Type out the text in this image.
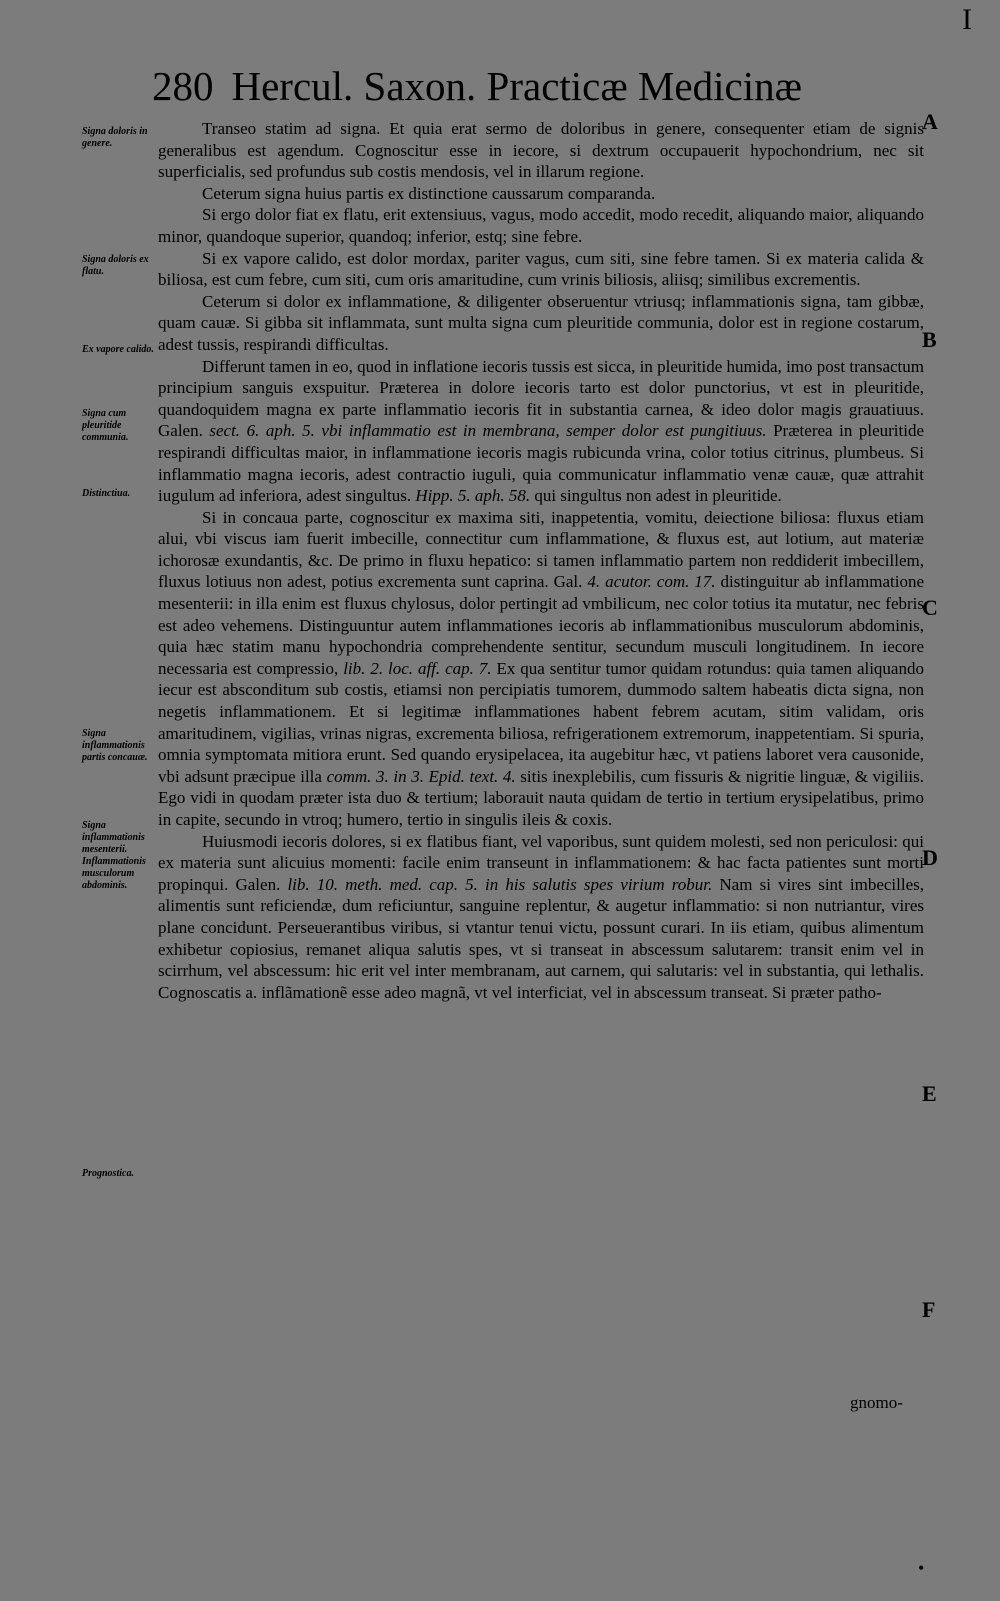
I
280 Hercul. Saxon. Practicæ Medicinæ
Signa doloris in genere.
Signa doloris ex flatu.
Ex vapore calido.
Signa cum pleuritide communia.
Distinctiua.
Signa inflammationis partis concauæ.
Signa inflammationis mesenterii. Inflammationis musculorum abdominis.
Prognostica.
A
B
C
D
E
F

Transeo statim ad signa. Et quia erat sermo de doloribus in genere, consequenter etiam de signis generalibus est agendum. Cognoscitur esse in iecore, si dextrum occupauerit hypochondrium, nec sit superficialis, sed profundus sub costis mendosis, vel in illarum regione.

Ceterum signa huius partis ex distinctione caussarum comparanda.

Si ergo dolor fiat ex flatu, erit extensiuus, vagus, modo accedit, modo recedit, aliquando maior, aliquando minor, quandoque superior, quandoq; inferior, estq; sine febre.

Si ex vapore calido, est dolor mordax, pariter vagus, cum siti, sine febre tamen. Si ex materia calida & biliosa, est cum febre, cum siti, cum oris amaritudine, cum vrinis biliosis, aliisq; similibus excrementis.

Ceterum si dolor ex inflammatione, & diligenter obseruentur vtriusq; inflammationis signa, tam gibbæ, quam cauæ. Si gibba sit inflammata, sunt multa signa cum pleuritide communia, dolor est in regione costarum, adest tussis, respirandi difficultas.

Differunt tamen in eo, quod in inflatione iecoris tussis est sicca, in pleuritide humida, imo post transactum principium sanguis exspuitur. Præterea in dolore iecoris tarto est dolor punctorius, vt est in pleuritide, quandoquidem magna ex parte inflammatio iecoris fit in substantia carnea, & ideo dolor magis grauatiuus. Galen. sect. 6. aph. 5. vbi inflammatio est in membrana, semper dolor est pungitiuus. Præterea in pleuritide respirandi difficultas maior, in inflammatione iecoris magis rubicunda vrina, color totius citrinus, plumbeus. Si inflammatio magna iecoris, adest contractio iuguli, quia communicatur inflammatio venæ cauæ, quæ attrahit iugulum ad inferiora, adest singultus. Hipp. 5. aph. 58. qui singultus non adest in pleuritide.

Si in concaua parte, cognoscitur ex maxima siti, inappetentia, vomitu, deiectione biliosa: fluxus etiam alui, vbi viscus iam fuerit imbecille, connectitur cum inflammatione, & fluxus est, aut lotium, aut materiæ ichorosæ exundantis, &c. De primo in fluxu hepatico: si tamen inflammatio partem non reddiderit imbecillem, fluxus lotiuus non adest, potius excrementa sunt caprina. Gal. 4. acutor. com. 17. distinguitur ab inflammatione mesenterii: in illa enim est fluxus chylosus, dolor pertingit ad vmbilicum, nec color totius ita mutatur, nec febris est adeo vehemens. Distinguuntur autem inflammationes iecoris ab inflammationibus musculorum abdominis, quia hæc statim manu hypochondria comprehendente sentitur, secundum musculi longitudinem. In iecore necessaria est compressio, lib. 2. loc. aff. cap. 7. Ex qua sentitur tumor quidam rotundus: quia tamen aliquando iecur est absconditum sub costis, etiamsi non percipiatis tumorem, dummodo saltem habeatis dicta signa, non negetis inflammationem. Et si legitimæ inflammationes habent febrem acutam, sitim validam, oris amaritudinem, vigilias, vrinas nigras, excrementa biliosa, refrigerationem extremorum, inappetentiam. Si spuria, omnia symptomata mitiora erunt. Sed quando erysipelacea, ita augebitur hæc, vt patiens laboret vera causonide, vbi adsunt præcipue illa comm. 3. in 3. Epid. text. 4. sitis inexplebilis, cum fissuris & nigritie linguæ, & vigiliis. Ego vidi in quodam præter ista duo & tertium; laborauit nauta quidam de tertio in tertium erysipelatibus, primo in capite, secundo in vtroq; humero, tertio in singulis ileis & coxis.

Huiusmodi iecoris dolores, si ex flatibus fiant, vel vaporibus, sunt quidem molesti, sed non periculosi: qui ex materia sunt alicuius momenti: facile enim transeunt in inflammationem: & hac facta patientes sunt morti propinqui. Galen. lib. 10. meth. med. cap. 5. in his salutis spes virium robur. Nam si vires sint imbecilles, alimentis sunt reficiendæ, dum reficiuntur, sanguine replentur, & augetur inflammatio: si non nutriantur, vires plane concidunt. Perseuerantibus viribus, si vtantur tenui victu, possunt curari. In iis etiam, quibus alimentum exhibetur copiosius, remanet aliqua salutis spes, vt si transeat in abscessum salutarem: transit enim vel in scirrhum, vel abscessum: hic erit vel inter membranam, aut carnem, qui salutaris: vel in substantia, qui lethalis. Cognoscatis a. inflãmationẽ esse adeo magnã, vt vel interficiat, vel in abscessum transeat. Si præter patho-

gnomo-
•
